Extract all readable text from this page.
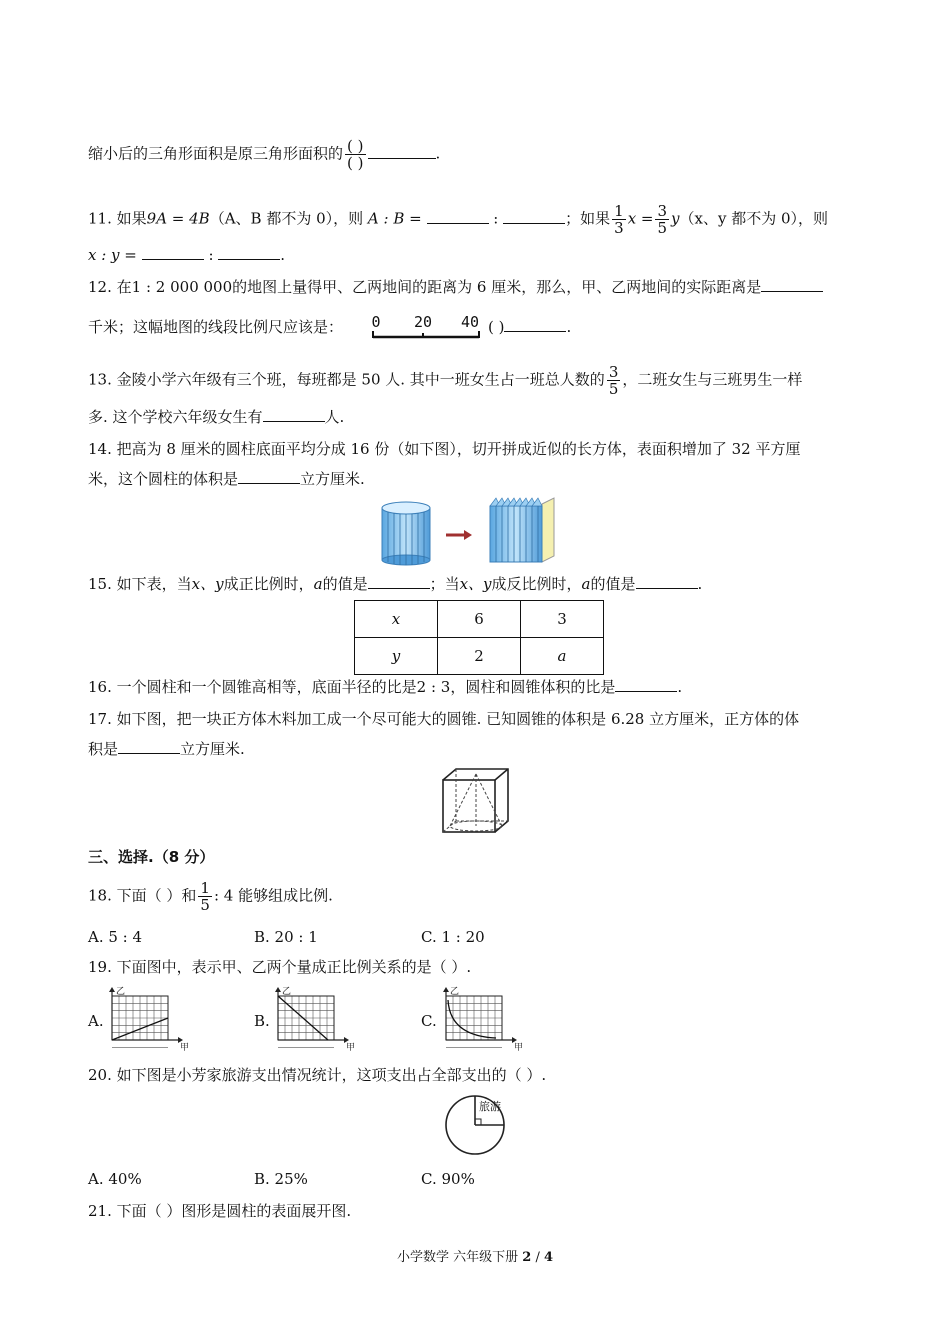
缩小后的三角形面积是原三角形面积的 $\frac{( )}{( )}$	.
11. 如果9A = 4B（A、B 都不为 0），则 A : B =	:	；如果 $\frac{1}{3}$ $x = \frac{3}{5} y(x$、y 都不为 0），则
x : y =	:	.
12. 在1 : 2 000 000的地图上量得甲、乙两地间的距离为 6 厘米，那么，甲、乙两地间的实际距离是
千米；这幅地图的线段比例尺应该是： 0 20 40 ( )	.
13. 金陵小学六年级有三个班，每班都是 50 人. 其中一班女生占一班总人数的 $\frac{3}{5}$ ，二班女生与三班男生一样
多. 这个学校六年级女生有	人.
14. 把高为 8 厘米的圆柱底面平均分成 16 份（如下图），切开拼成近似的长方体，表面积增加了 32 平方厘
米，这个圆柱的体积是	立方厘米.
15. 如下表，当x、y成正比例时，a的值是	；当x、y成反比例时，a的值是	.
x	6	3
y	2	a
16. 一个圆柱和一个圆锥高相等，底面半径的比是2 : 3，圆柱和圆锥体积的比是	.
17. 如下图，把一块正方体木料加工成一个尽可能大的圆锥. 已知圆锥的体积是 6.28 立方厘米，正方体的体
积是	立方厘米.
三、选择.（8 分）
18. 下面（ ）和 $\frac{1}{5}$ : 4 能够组成比例.
A. 5 : 4	B. 20 : 1	C. 1 : 20
19. 下面图中，表示甲、乙两个量成正比例关系的是（ ）.
A.	B.	C.
乙
甲
乙
甲
乙
甲
20. 如下图是小芳家旅游支出情况统计，这项支出占全部支出的（ ）.
旅游
A. 40%	B. 25%	C. 90%
21. 下面（ ）图形是圆柱的表面展开图.
小学数学 六年级下册 2 / 4
